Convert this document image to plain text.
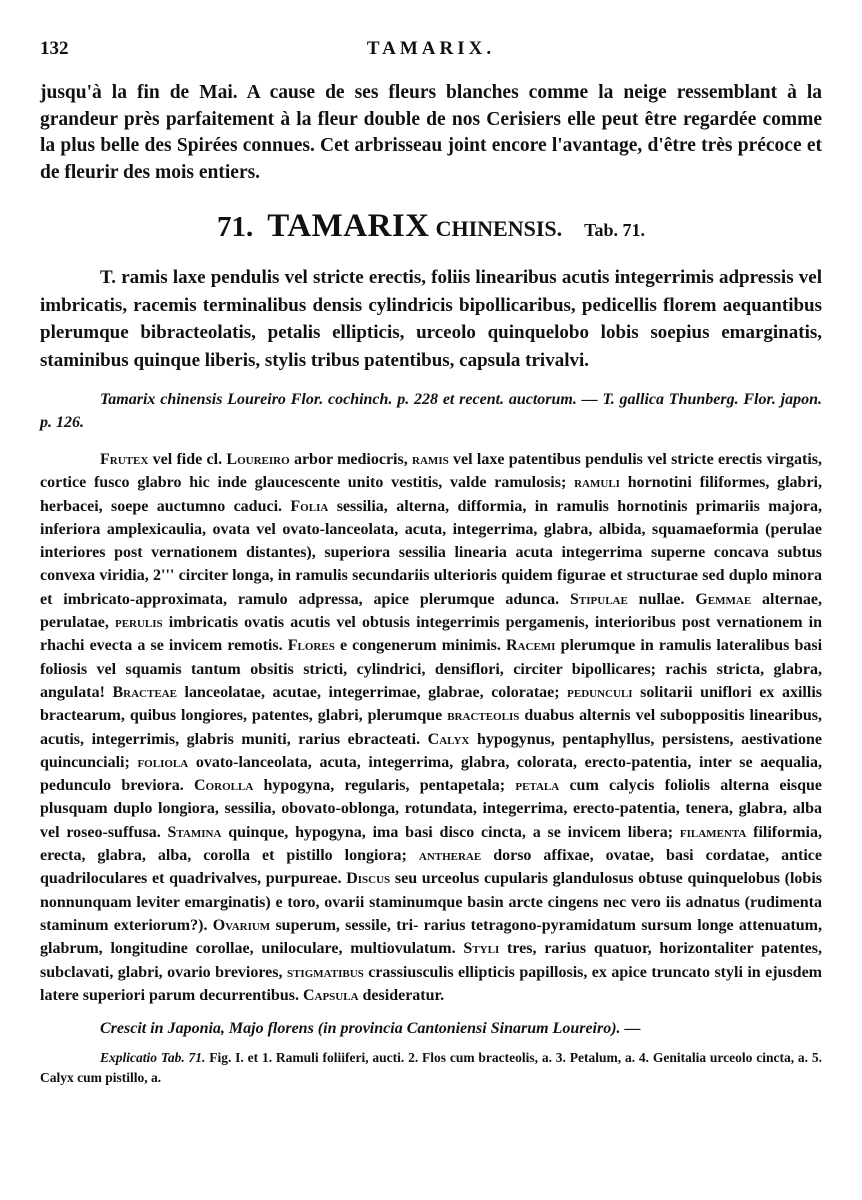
132	TAMARIX.

jusqu'à la fin de Mai. A cause de ses fleurs blanches comme la neige ressemblant à la grandeur près parfaitement à la fleur double de nos Cerisiers elle peut être regardée comme la plus belle des Spirées connues. Cet arbrisseau joint encore l'avantage, d'être très précoce et de fleurir des mois entiers.

71. TAMARIX CHINENSIS. Tab. 71.

T. ramis laxe pendulis vel stricte erectis, foliis linearibus acutis integerrimis adpressis vel imbricatis, racemis terminalibus densis cylindricis bipollicaribus, pedicellis florem aequantibus plerumque bibracteolatis, petalis ellipticis, urceolo quinquelobo lobis soepius emarginatis, staminibus quinque liberis, stylis tribus patentibus, capsula trivalvi.

Tamarix chinensis Loureiro Flor. cochinch. p. 228 et recent. auctorum. — T. gallica Thunberg. Flor. japon. p. 126.

Frutex vel fide cl. Loureiro arbor mediocris, ramis vel laxe patentibus pendulis vel stricte erectis virgatis, cortice fusco glabro hic inde glaucescente unito vestitis, valde ramulosis; ramuli hornotini filiformes, glabri, herbacei, soepe auctumno caduci. Folia sessilia, alterna, difformia, in ramulis hornotinis primariis majora, inferiora amplexicaulia, ovata vel ovato-lanceolata, acuta, integerrima, glabra, albida, squamaeformia (perulae interiores post vernationem distantes), superiora sessilia linearia acuta integerrima superne concava subtus convexa viridia, 2''' circiter longa, in ramulis secundariis ulterioris quidem figurae et structurae sed duplo minora et imbricato-approximata, ramulo adpressa, apice plerumque adunca. Stipulae nullae. Gemmae alternae, perulatae, perulis imbricatis ovatis acutis vel obtusis integerrimis pergamenis, interioribus post vernationem in rhachi evecta a se invicem remotis. Flores e congenerum minimis. Racemi plerumque in ramulis lateralibus basi foliosis vel squamis tantum obsitis stricti, cylindrici, densiflori, circiter bipollicares; rachis stricta, glabra, angulata! Bracteae lanceolatae, acutae, integerrimae, glabrae, coloratae; pedunculi solitarii uniflori ex axillis bractearum, quibus longiores, patentes, glabri, plerumque bracteolis duabus alternis vel suboppositis linearibus, acutis, integerrimis, glabris muniti, rarius ebracteati. Calyx hypogynus, pentaphyllus, persistens, aestivatione quincunciali; foliola ovato-lanceolata, acuta, integerrima, glabra, colorata, erecto-patentia, inter se aequalia, pedunculo breviora. Corolla hypogyna, regularis, pentapetala; petala cum calycis foliolis alterna eisque plusquam duplo longiora, sessilia, obovato-oblonga, rotundata, integerrima, erecto-patentia, tenera, glabra, alba vel roseo-suffusa. Stamina quinque, hypogyna, ima basi disco cincta, a se invicem libera; filamenta filiformia, erecta, glabra, alba, corolla et pistillo longiora; antherae dorso affixae, ovatae, basi cordatae, antice quadriloculares et quadrivalves, purpureae. Discus seu urceolus cupularis glandulosus obtuse quinquelobus (lobis nonnunquam leviter emarginatis) e toro, ovarii staminumque basin arcte cingens nec vero iis adnatus (rudimenta staminum exteriorum?). Ovarium superum, sessile, tri- rarius tetragono-pyramidatum sursum longe attenuatum, glabrum, longitudine corollae, uniloculare, multiovulatum. Styli tres, rarius quatuor, horizontaliter patentes, subclavati, glabri, ovario breviores, stigmatibus crassiusculis ellipticis papillosis, ex apice truncato styli in ejusdem latere superiori parum decurrentibus. Capsula desideratur.

Crescit in Japonia, Majo florens (in provincia Cantoniensi Sinarum Loureiro). —

Explicatio Tab. 71. Fig. I. et 1. Ramuli foliiferi, aucti. 2. Flos cum bracteolis, a. 3. Petalum, a. 4. Genitalia urceolo cincta, a. 5. Calyx cum pistillo, a.
